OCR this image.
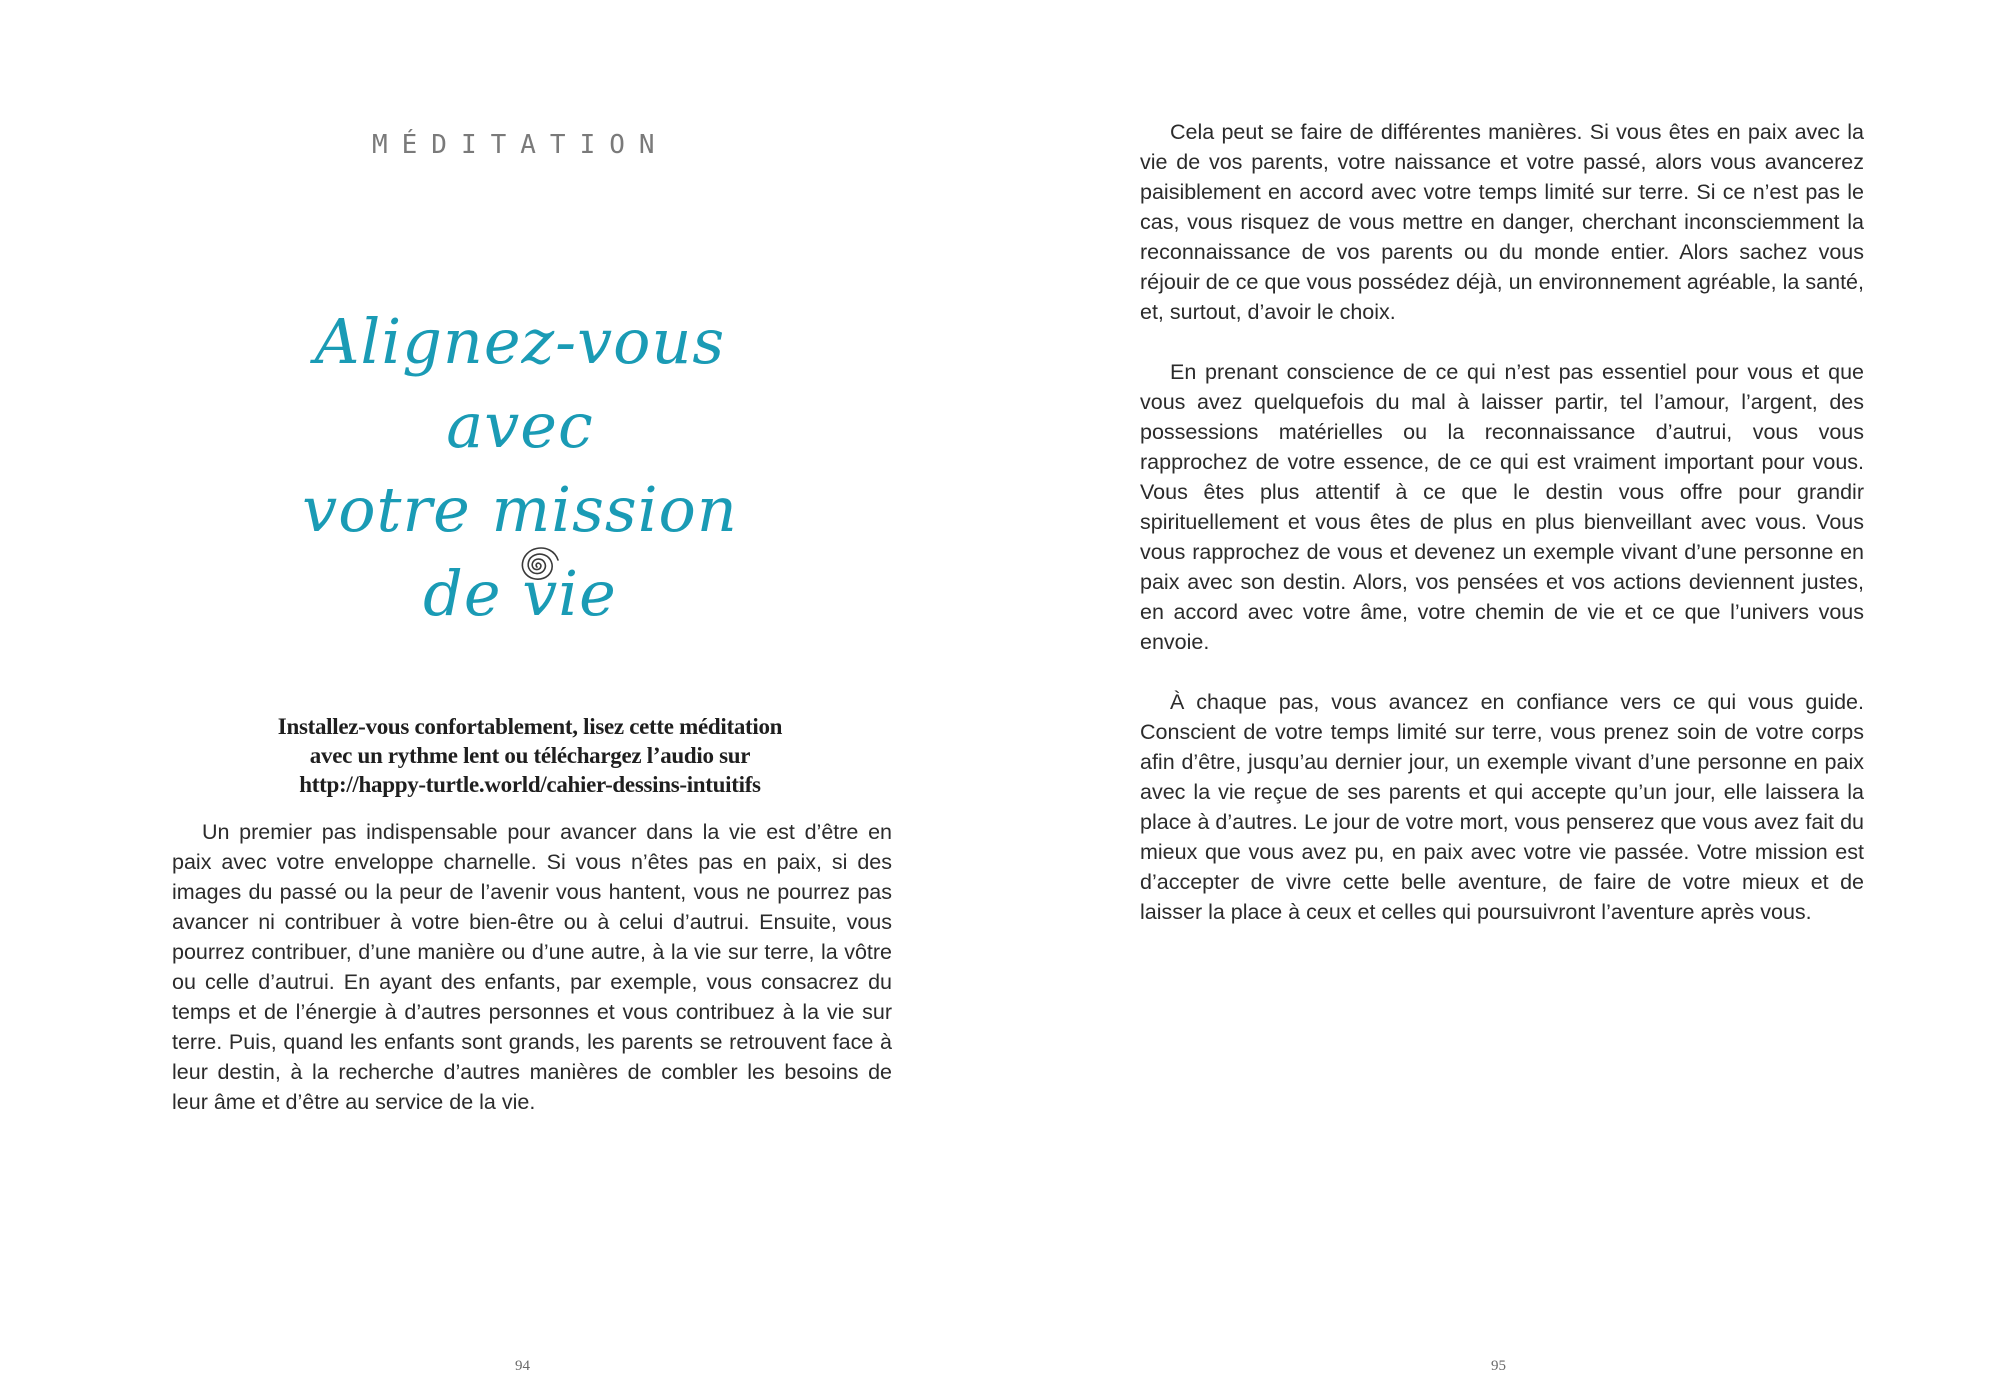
MÉDITATION
Alignez-vous avec
votre mission de vie
Installez-vous confortablement, lisez cette méditation
avec un rythme lent ou téléchargez l’audio sur
http://happy-turtle.world/cahier-dessins-intuitifs

Un premier pas indispensable pour avancer dans la vie est d’être en paix avec votre enveloppe charnelle. Si vous n’êtes pas en paix, si des images du passé ou la peur de l’avenir vous hantent, vous ne pourrez pas avancer ni contribuer à votre bien-être ou à celui d’autrui. Ensuite, vous pourrez contribuer, d’une manière ou d’une autre, à la vie sur terre, la vôtre ou celle d’autrui. En ayant des enfants, par exemple, vous consacrez du temps et de l’énergie à d’autres personnes et vous contribuez à la vie sur terre. Puis, quand les enfants sont grands, les parents se retrouvent face à leur destin, à la recherche d’autres manières de combler les besoins de leur âme et d’être au service de la vie.

94

Cela peut se faire de différentes manières. Si vous êtes en paix avec la vie de vos parents, votre naissance et votre passé, alors vous avancerez paisiblement en accord avec votre temps limité sur terre. Si ce n’est pas le cas, vous risquez de vous mettre en danger, cherchant inconsciemment la reconnaissance de vos parents ou du monde entier. Alors sachez vous réjouir de ce que vous possédez déjà, un environnement agréable, la santé, et, surtout, d’avoir le choix.

En prenant conscience de ce qui n’est pas essentiel pour vous et que vous avez quelquefois du mal à laisser partir, tel l’amour, l’argent, des possessions matérielles ou la reconnaissance d’autrui, vous vous rapprochez de votre essence, de ce qui est vraiment important pour vous. Vous êtes plus attentif à ce que le destin vous offre pour grandir spirituellement et vous êtes de plus en plus bienveillant avec vous. Vous vous rapprochez de vous et devenez un exemple vivant d’une personne en paix avec son destin. Alors, vos pensées et vos actions deviennent justes, en accord avec votre âme, votre chemin de vie et ce que l’univers vous envoie.

À chaque pas, vous avancez en confiance vers ce qui vous guide. Conscient de votre temps limité sur terre, vous prenez soin de votre corps afin d’être, jusqu’au dernier jour, un exemple vivant d’une personne en paix avec la vie reçue de ses parents et qui accepte qu’un jour, elle laissera la place à d’autres. Le jour de votre mort, vous penserez que vous avez fait du mieux que vous avez pu, en paix avec votre vie passée. Votre mission est d’accepter de vivre cette belle aventure, de faire de votre mieux et de laisser la place à ceux et celles qui poursuivront l’aventure après vous.

95
